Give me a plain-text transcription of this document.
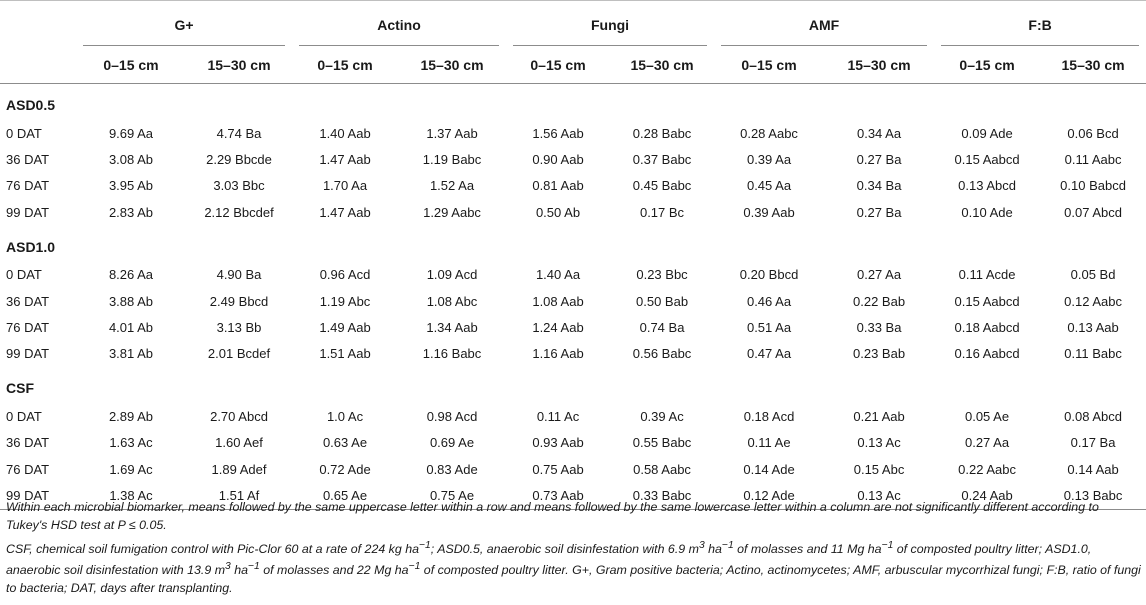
	G+		Actino		Fungi		AMF		F:B	

	0–15 cm	15–30 cm	0–15 cm	15–30 cm	0–15 cm	15–30 cm	0–15 cm	15–30 cm	0–15 cm	15–30 cm
ASD0.5										
0 DAT	9.69 Aa	4.74 Ba	1.40 Aab	1.37 Aab	1.56 Aab	0.28 Babc	0.28 Aabc	0.34 Aa	0.09 Ade	0.06 Bcd
36 DAT	3.08 Ab	2.29 Bbcde	1.47 Aab	1.19 Babc	0.90 Aab	0.37 Babc	0.39 Aa	0.27 Ba	0.15 Aabcd	0.11 Aabc
76 DAT	3.95 Ab	3.03 Bbc	1.70 Aa	1.52 Aa	0.81 Aab	0.45 Babc	0.45 Aa	0.34 Ba	0.13 Abcd	0.10 Babcd
99 DAT	2.83 Ab	2.12 Bbcdef	1.47 Aab	1.29 Aabc	0.50 Ab	0.17 Bc	0.39 Aab	0.27 Ba	0.10 Ade	0.07 Abcd
ASD1.0										
0 DAT	8.26 Aa	4.90 Ba	0.96 Acd	1.09 Acd	1.40 Aa	0.23 Bbc	0.20 Bbcd	0.27 Aa	0.11 Acde	0.05 Bd
36 DAT	3.88 Ab	2.49 Bbcd	1.19 Abc	1.08 Abc	1.08 Aab	0.50 Bab	0.46 Aa	0.22 Bab	0.15 Aabcd	0.12 Aabc
76 DAT	4.01 Ab	3.13 Bb	1.49 Aab	1.34 Aab	1.24 Aab	0.74 Ba	0.51 Aa	0.33 Ba	0.18 Aabcd	0.13 Aab
99 DAT	3.81 Ab	2.01 Bcdef	1.51 Aab	1.16 Babc	1.16 Aab	0.56 Babc	0.47 Aa	0.23 Bab	0.16 Aabcd	0.11 Babc
CSF										
0 DAT	2.89 Ab	2.70 Abcd	1.0 Ac	0.98 Acd	0.11 Ac	0.39 Ac	0.18 Acd	0.21 Aab	0.05 Ae	0.08 Abcd
36 DAT	1.63 Ac	1.60 Aef	0.63 Ae	0.69 Ae	0.93 Aab	0.55 Babc	0.11 Ae	0.13 Ac	0.27 Aa	0.17 Ba
76 DAT	1.69 Ac	1.89 Adef	0.72 Ade	0.83 Ade	0.75 Aab	0.58 Aabc	0.14 Ade	0.15 Abc	0.22 Aabc	0.14 Aab
99 DAT	1.38 Ac	1.51 Af	0.65 Ae	0.75 Ae	0.73 Aab	0.33 Babc	0.12 Ade	0.13 Ac	0.24 Aab	0.13 Babc

Within each microbial biomarker, means followed by the same uppercase letter within a row and means followed by the same lowercase letter within a column are not significantly different according to Tukey's HSD test at P ≤ 0.05.

CSF, chemical soil fumigation control with Pic-Clor 60 at a rate of 224 kg $ha^{-1}$; ASD0.5, anaerobic soil disinfestation with 6.9 $m^3$ $ha^{-1}$ of molasses and 11 Mg $ha^{-1}$ of composted poultry litter; ASD1.0, anaerobic soil disinfestation with 13.9 $m^3$ $ha^{-1}$ of molasses and 22 Mg $ha^{-1}$ of composted poultry litter. G+, Gram positive bacteria; Actino, actinomycetes; AMF, arbuscular mycorrhizal fungi; F:B, ratio of fungi to bacteria; DAT, days after transplanting.
